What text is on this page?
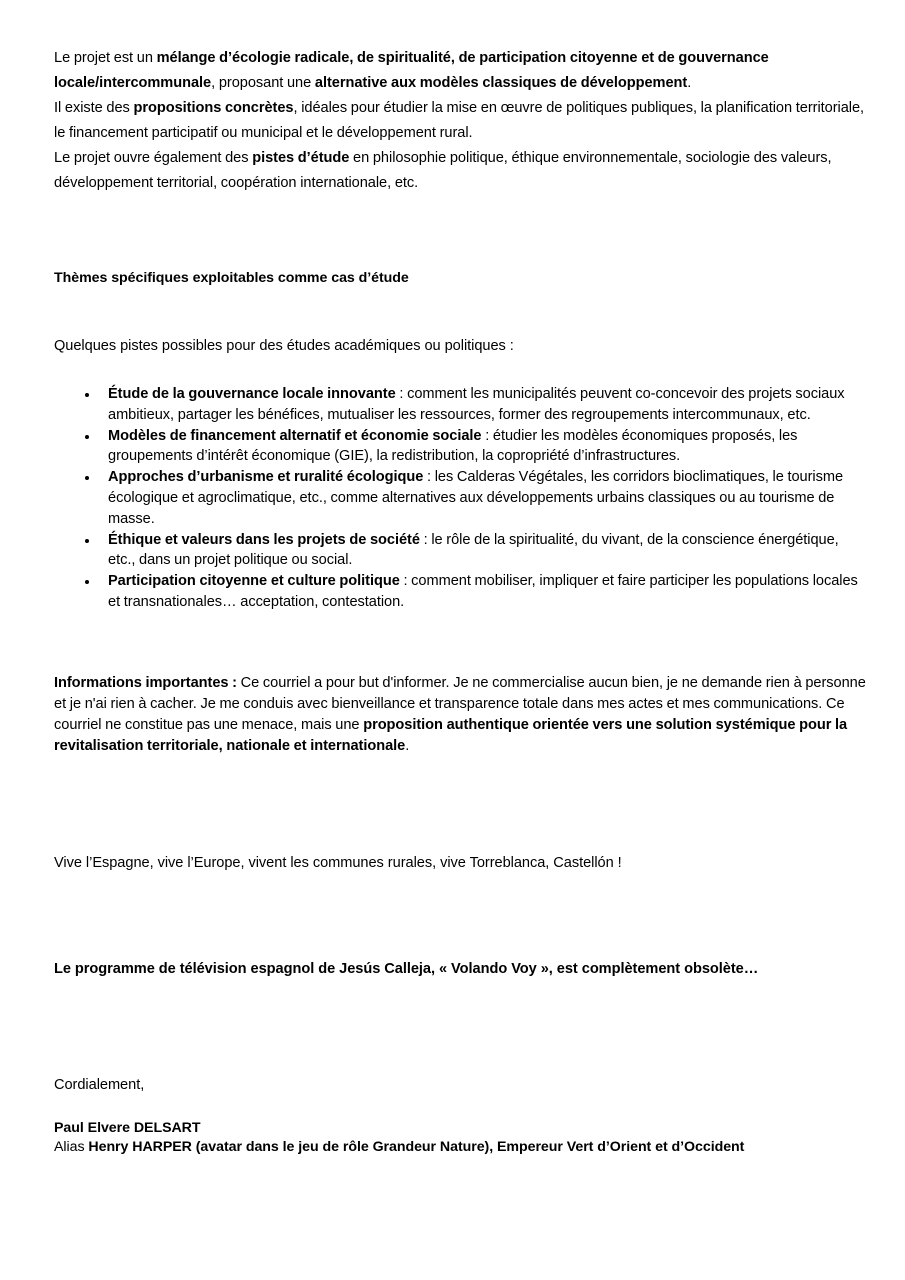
Le projet est un mélange d’écologie radicale, de spiritualité, de participation citoyenne et de gouvernance locale/intercommunale, proposant une alternative aux modèles classiques de développement.

Il existe des propositions concrètes, idéales pour étudier la mise en œuvre de politiques publiques, la planification territoriale, le financement participatif ou municipal et le développement rural.

Le projet ouvre également des pistes d’étude en philosophie politique, éthique environnementale, sociologie des valeurs, développement territorial, coopération internationale, etc.

Thèmes spécifiques exploitables comme cas d’étude

Quelques pistes possibles pour des études académiques ou politiques :

Étude de la gouvernance locale innovante : comment les municipalités peuvent co-concevoir des projets sociaux ambitieux, partager les bénéfices, mutualiser les ressources, former des regroupements intercommunaux, etc.
Modèles de financement alternatif et économie sociale : étudier les modèles économiques proposés, les groupements d’intérêt économique (GIE), la redistribution, la copropriété d’infrastructures.
Approches d’urbanisme et ruralité écologique : les Calderas Végétales, les corridors bioclimatiques, le tourisme écologique et agroclimatique, etc., comme alternatives aux développements urbains classiques ou au tourisme de masse.
Éthique et valeurs dans les projets de société : le rôle de la spiritualité, du vivant, de la conscience énergétique, etc., dans un projet politique ou social.
Participation citoyenne et culture politique : comment mobiliser, impliquer et faire participer les populations locales et transnationales… acceptation, contestation.

Informations importantes : Ce courriel a pour but d'informer. Je ne commercialise aucun bien, je ne demande rien à personne et je n'ai rien à cacher. Je me conduis avec bienveillance et transparence totale dans mes actes et mes communications. Ce courriel ne constitue pas une menace, mais une proposition authentique orientée vers une solution systémique pour la revitalisation territoriale, nationale et internationale.

Vive l’Espagne, vive l’Europe, vivent les communes rurales, vive Torreblanca, Castellón !

Le programme de télévision espagnol de Jesús Calleja, « Volando Voy », est complètement obsolète…

Cordialement,

Paul Elvere DELSART

Alias Henry HARPER (avatar dans le jeu de rôle Grandeur Nature), Empereur Vert d’Orient et d’Occident
